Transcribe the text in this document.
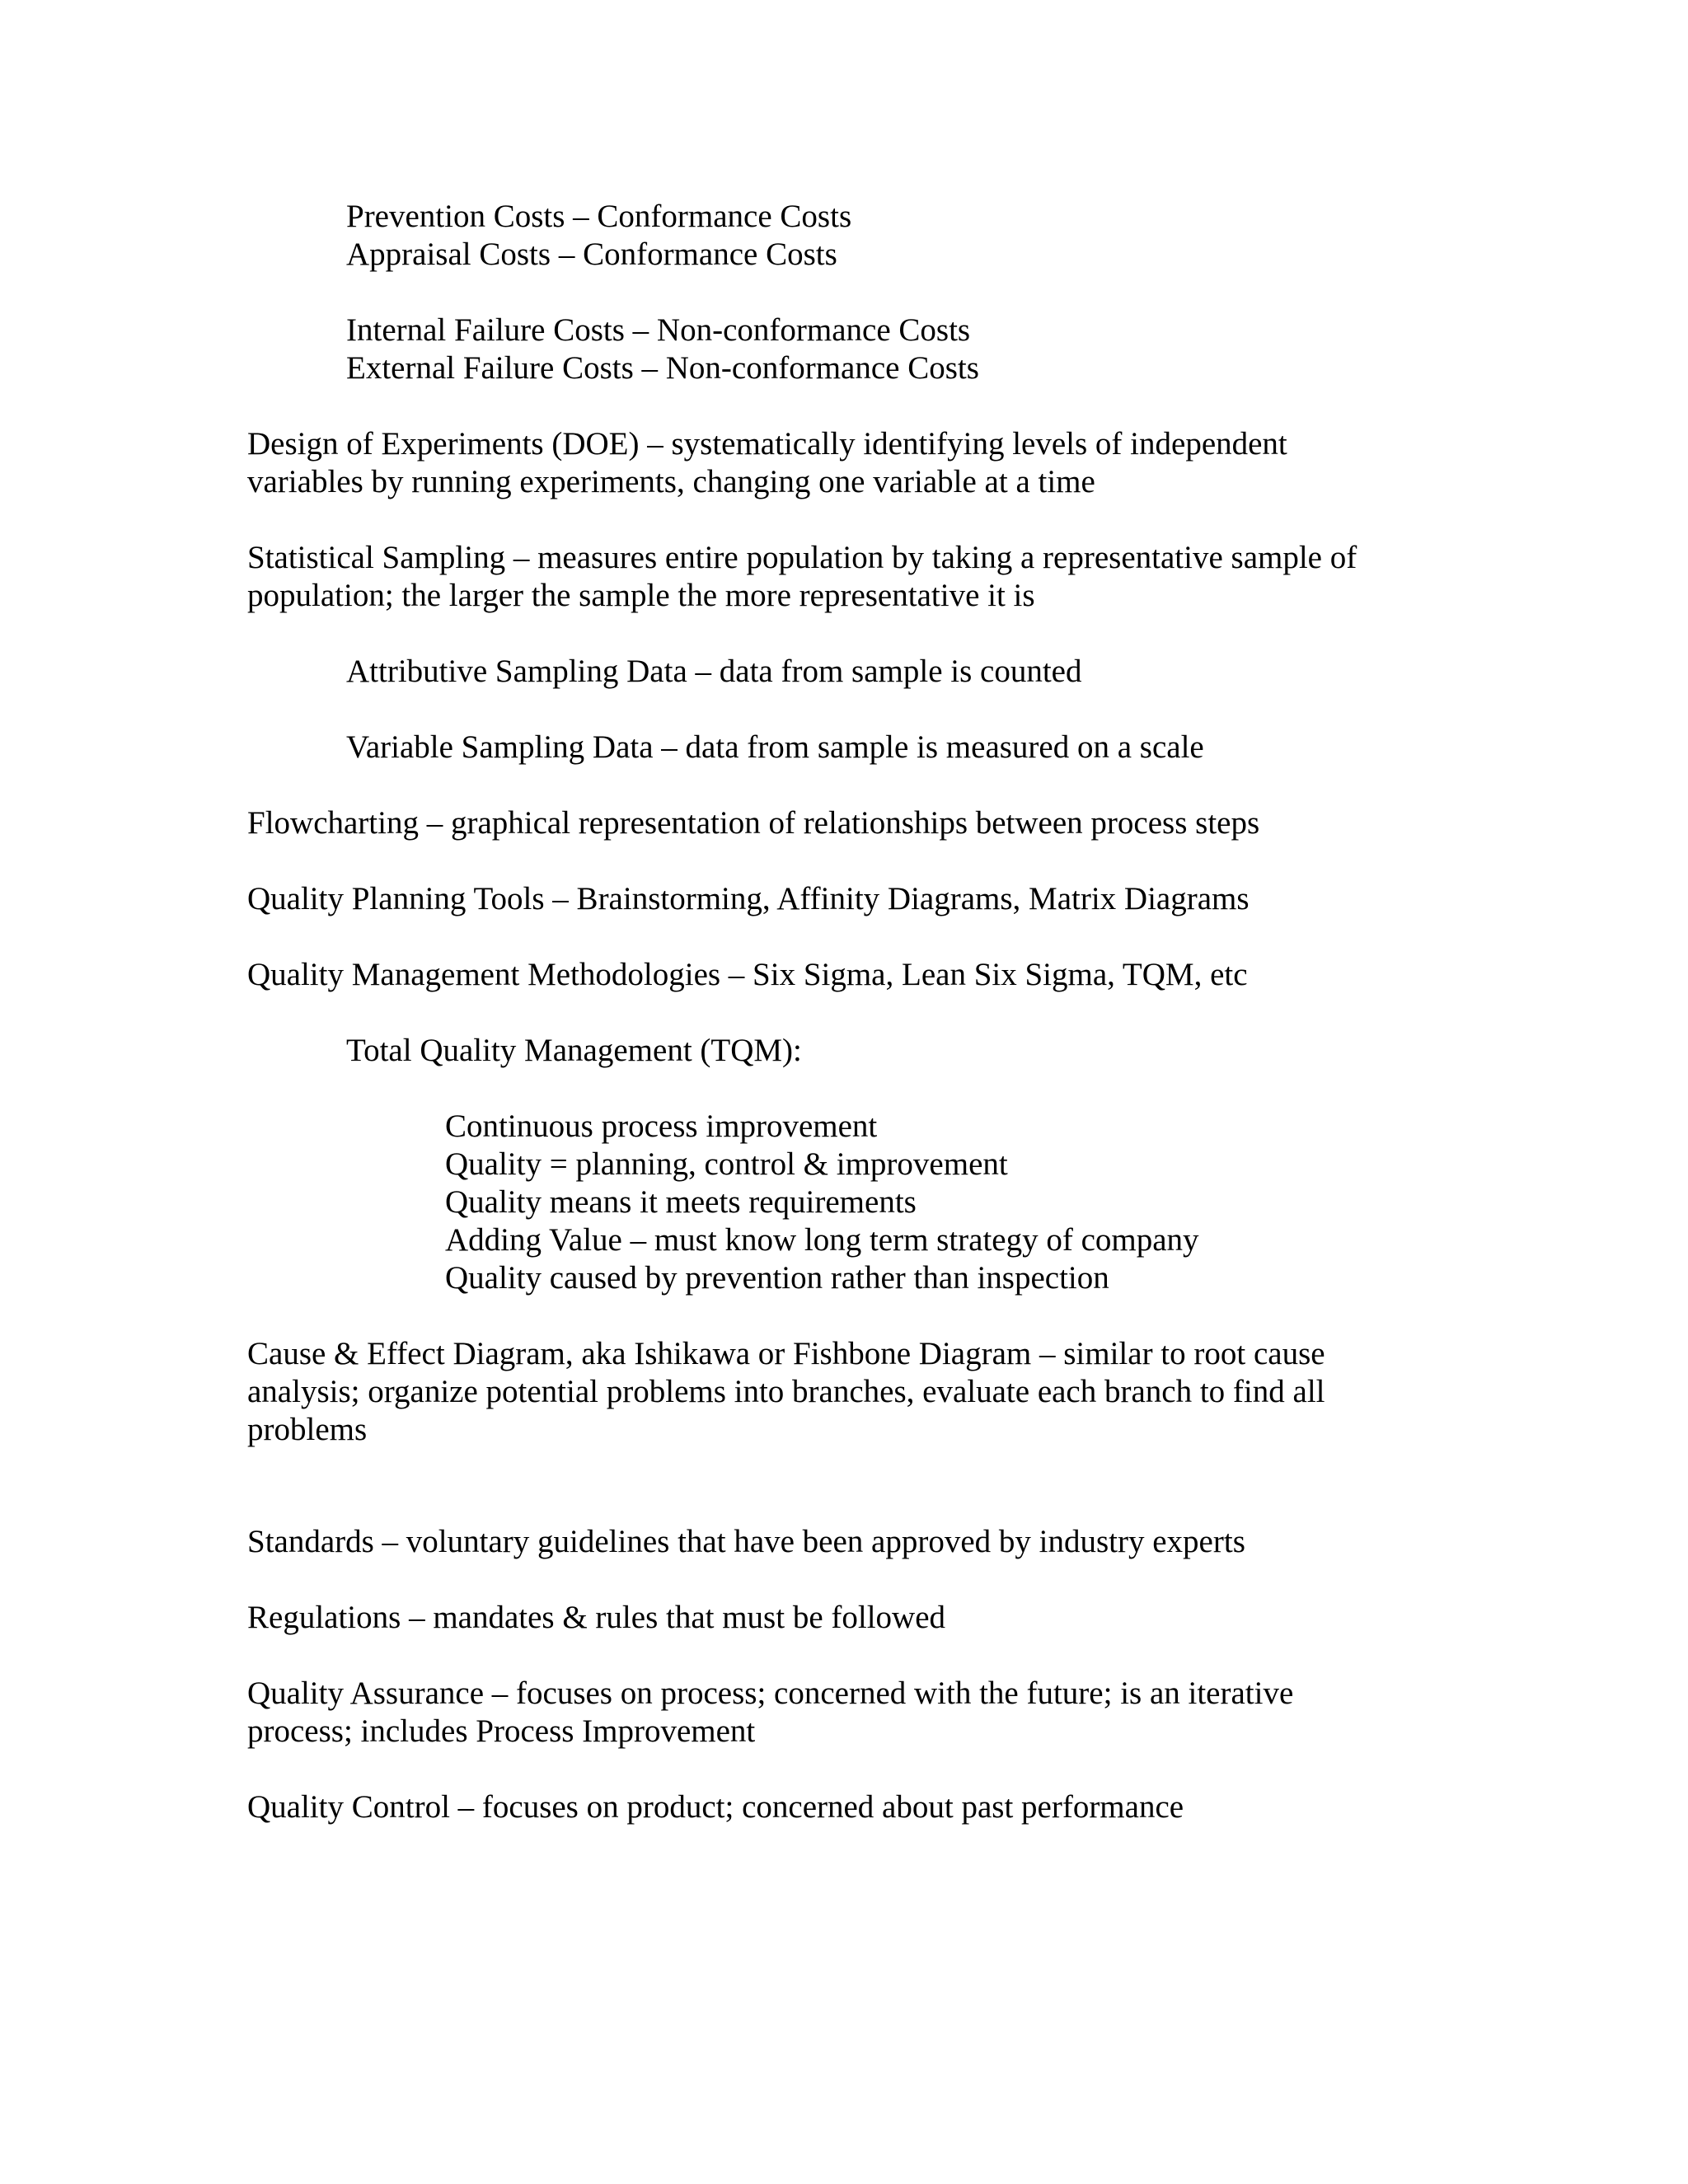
Prevention Costs – Conformance Costs
Appraisal Costs – Conformance Costs
Internal Failure Costs – Non-conformance Costs
External Failure Costs – Non-conformance Costs
Design of Experiments (DOE) – systematically identifying levels of independent
variables by running experiments, changing one variable at a time
Statistical Sampling – measures entire population by taking a representative sample of
population; the larger the sample the more representative it is
Attributive Sampling Data – data from sample is counted
Variable Sampling Data – data from sample is measured on a scale
Flowcharting – graphical representation of relationships between process steps
Quality Planning Tools – Brainstorming, Affinity Diagrams, Matrix Diagrams
Quality Management Methodologies – Six Sigma, Lean Six Sigma, TQM, etc
Total Quality Management (TQM):
Continuous process improvement
Quality = planning, control & improvement
Quality means it meets requirements
Adding Value – must know long term strategy of company
Quality caused by prevention rather than inspection
Cause & Effect Diagram, aka Ishikawa or Fishbone Diagram – similar to root cause
analysis; organize potential problems into branches, evaluate each branch to find all
problems
Standards – voluntary guidelines that have been approved by industry experts
Regulations – mandates & rules that must be followed
Quality Assurance – focuses on process; concerned with the future; is an iterative
process; includes Process Improvement
Quality Control – focuses on product; concerned about past performance
